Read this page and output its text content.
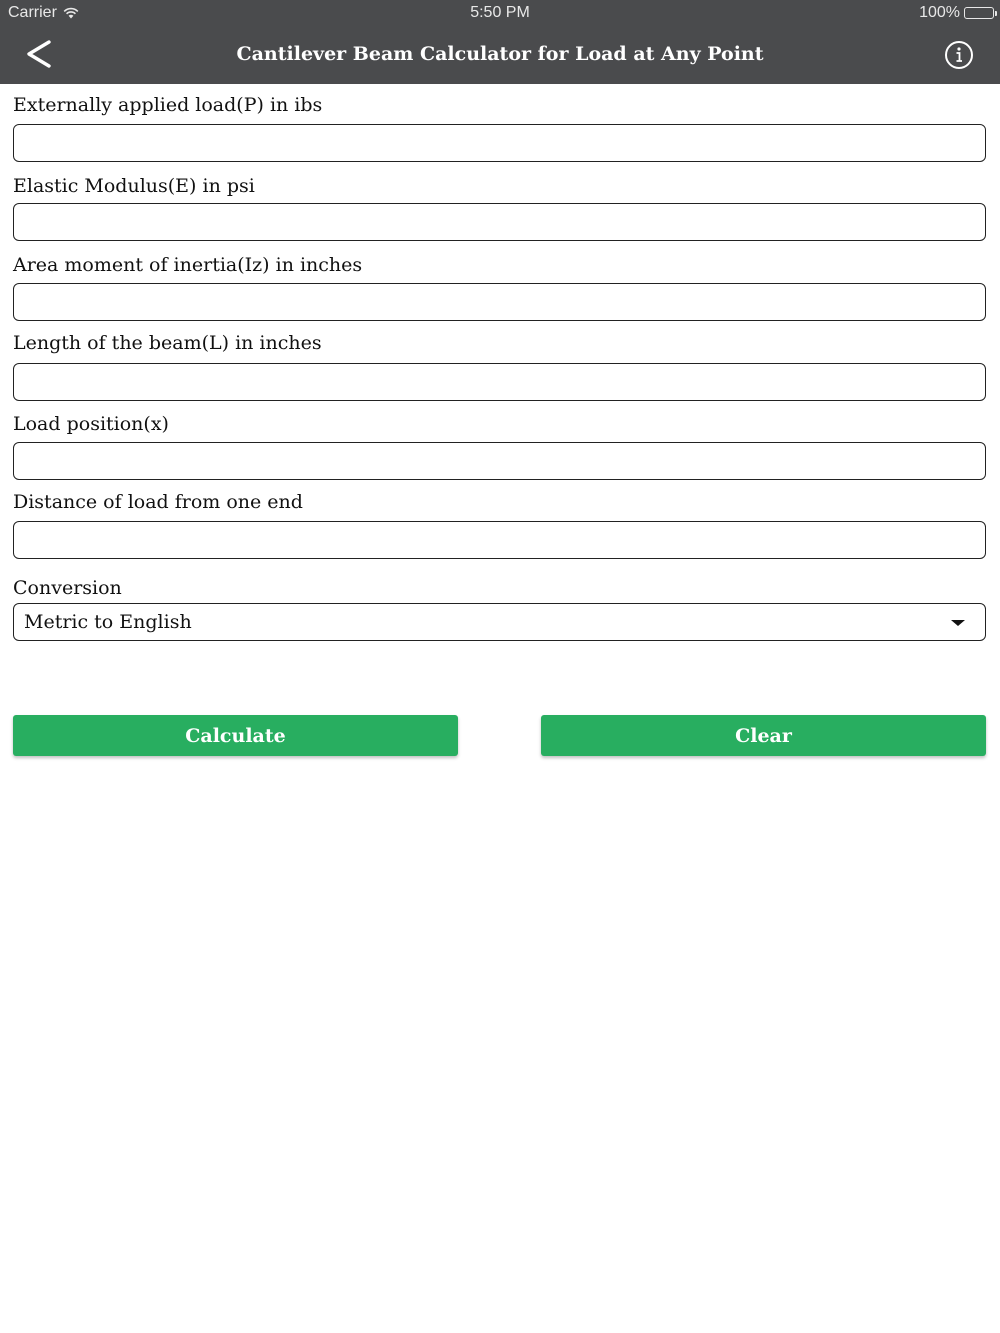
Carrier	5:50 PM	100%
Cantilever Beam Calculator for Load at Any Point
Externally applied load(P) in ibs
Elastic Modulus(E) in psi
Area moment of inertia(Iz) in inches
Length of the beam(L) in inches
Load position(x)
Distance of load from one end
Conversion
Metric to English
Calculate	Clear
